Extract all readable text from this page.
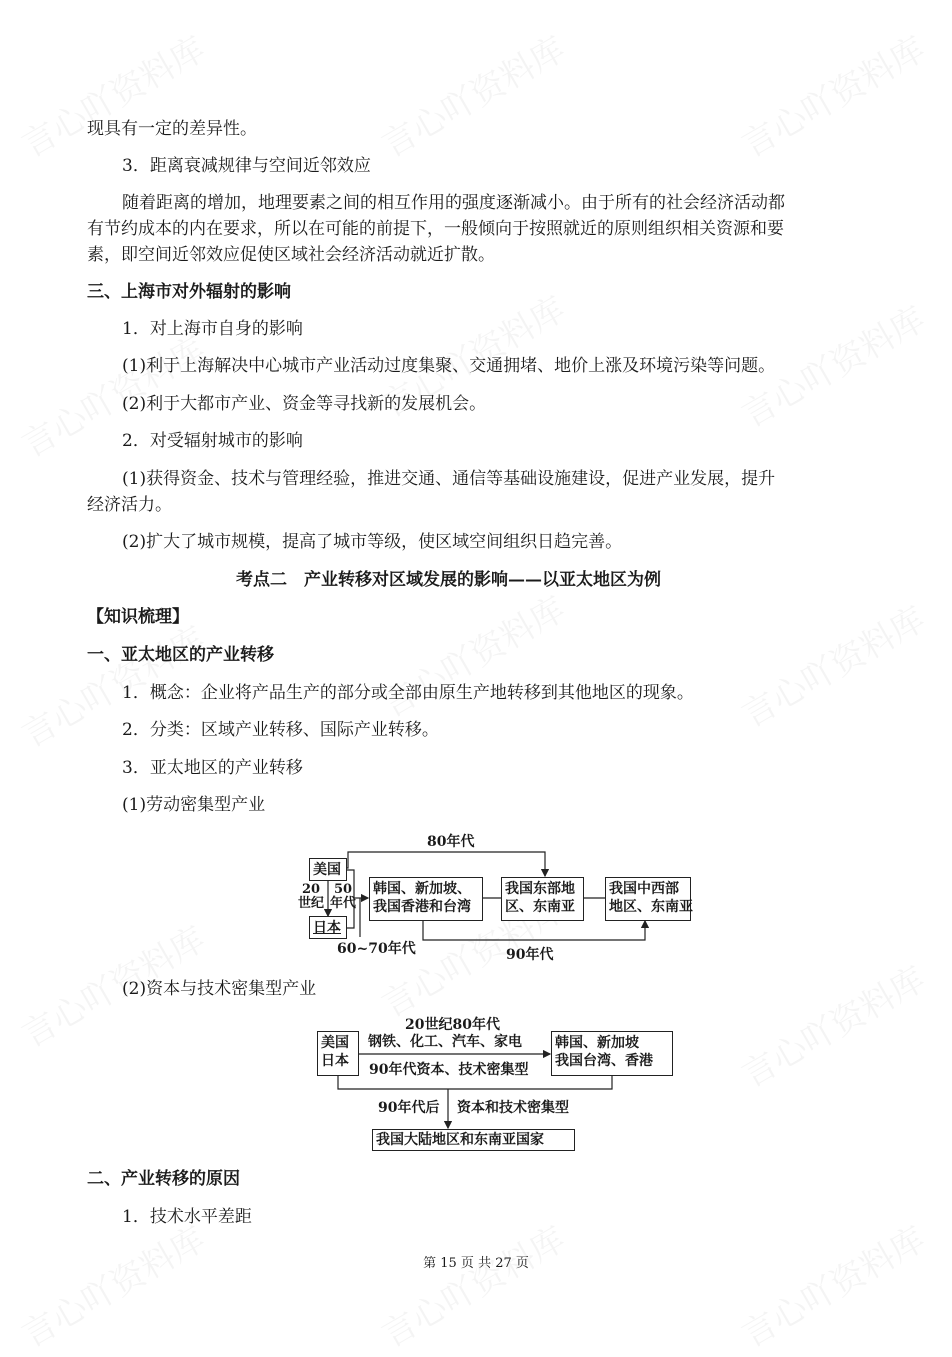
现具有一定的差异性。
3．距离衰减规律与空间近邻效应
随着距离的增加，地理要素之间的相互作用的强度逐渐减小。由于所有的社会经济活动都
有节约成本的内在要求，所以在可能的前提下，一般倾向于按照就近的原则组织相关资源和要
素，即空间近邻效应促使区域社会经济活动就近扩散。
三、上海市对外辐射的影响
1．对上海市自身的影响
(1)利于上海解决中心城市产业活动过度集聚、交通拥堵、地价上涨及环境污染等问题。
(2)利于大都市产业、资金等寻找新的发展机会。
2．对受辐射城市的影响
(1)获得资金、技术与管理经验，推进交通、通信等基础设施建设，促进产业发展，提升
经济活力。
(2)扩大了城市规模，提高了城市等级，使区域空间组织日趋完善。
考点二　产业转移对区域发展的影响——以亚太地区为例
【知识梳理】
一、亚太地区的产业转移
1．概念：企业将产品生产的部分或全部由原生产地转移到其他地区的现象。
2．分类：区域产业转移、国际产业转移。
3．亚太地区的产业转移
(1)劳动密集型产业
(2)资本与技术密集型产业
二、产业转移的原因
1．技术水平差距
美国
日本
20
世纪
50
年代
80年代
60~70年代	90年代
韩国、新加坡、
我国香港和台湾
我国东部地
区、东南亚
我国中西部
地区、东南亚
美国
日本
韩国、新加坡
我国台湾、香港
20世纪80年代
钢铁、化工、汽车、家电
90年代资本、技术密集型
90年代后 资本和技术密集型
我国大陆地区和东南亚国家
第 15 页 共 27 页
